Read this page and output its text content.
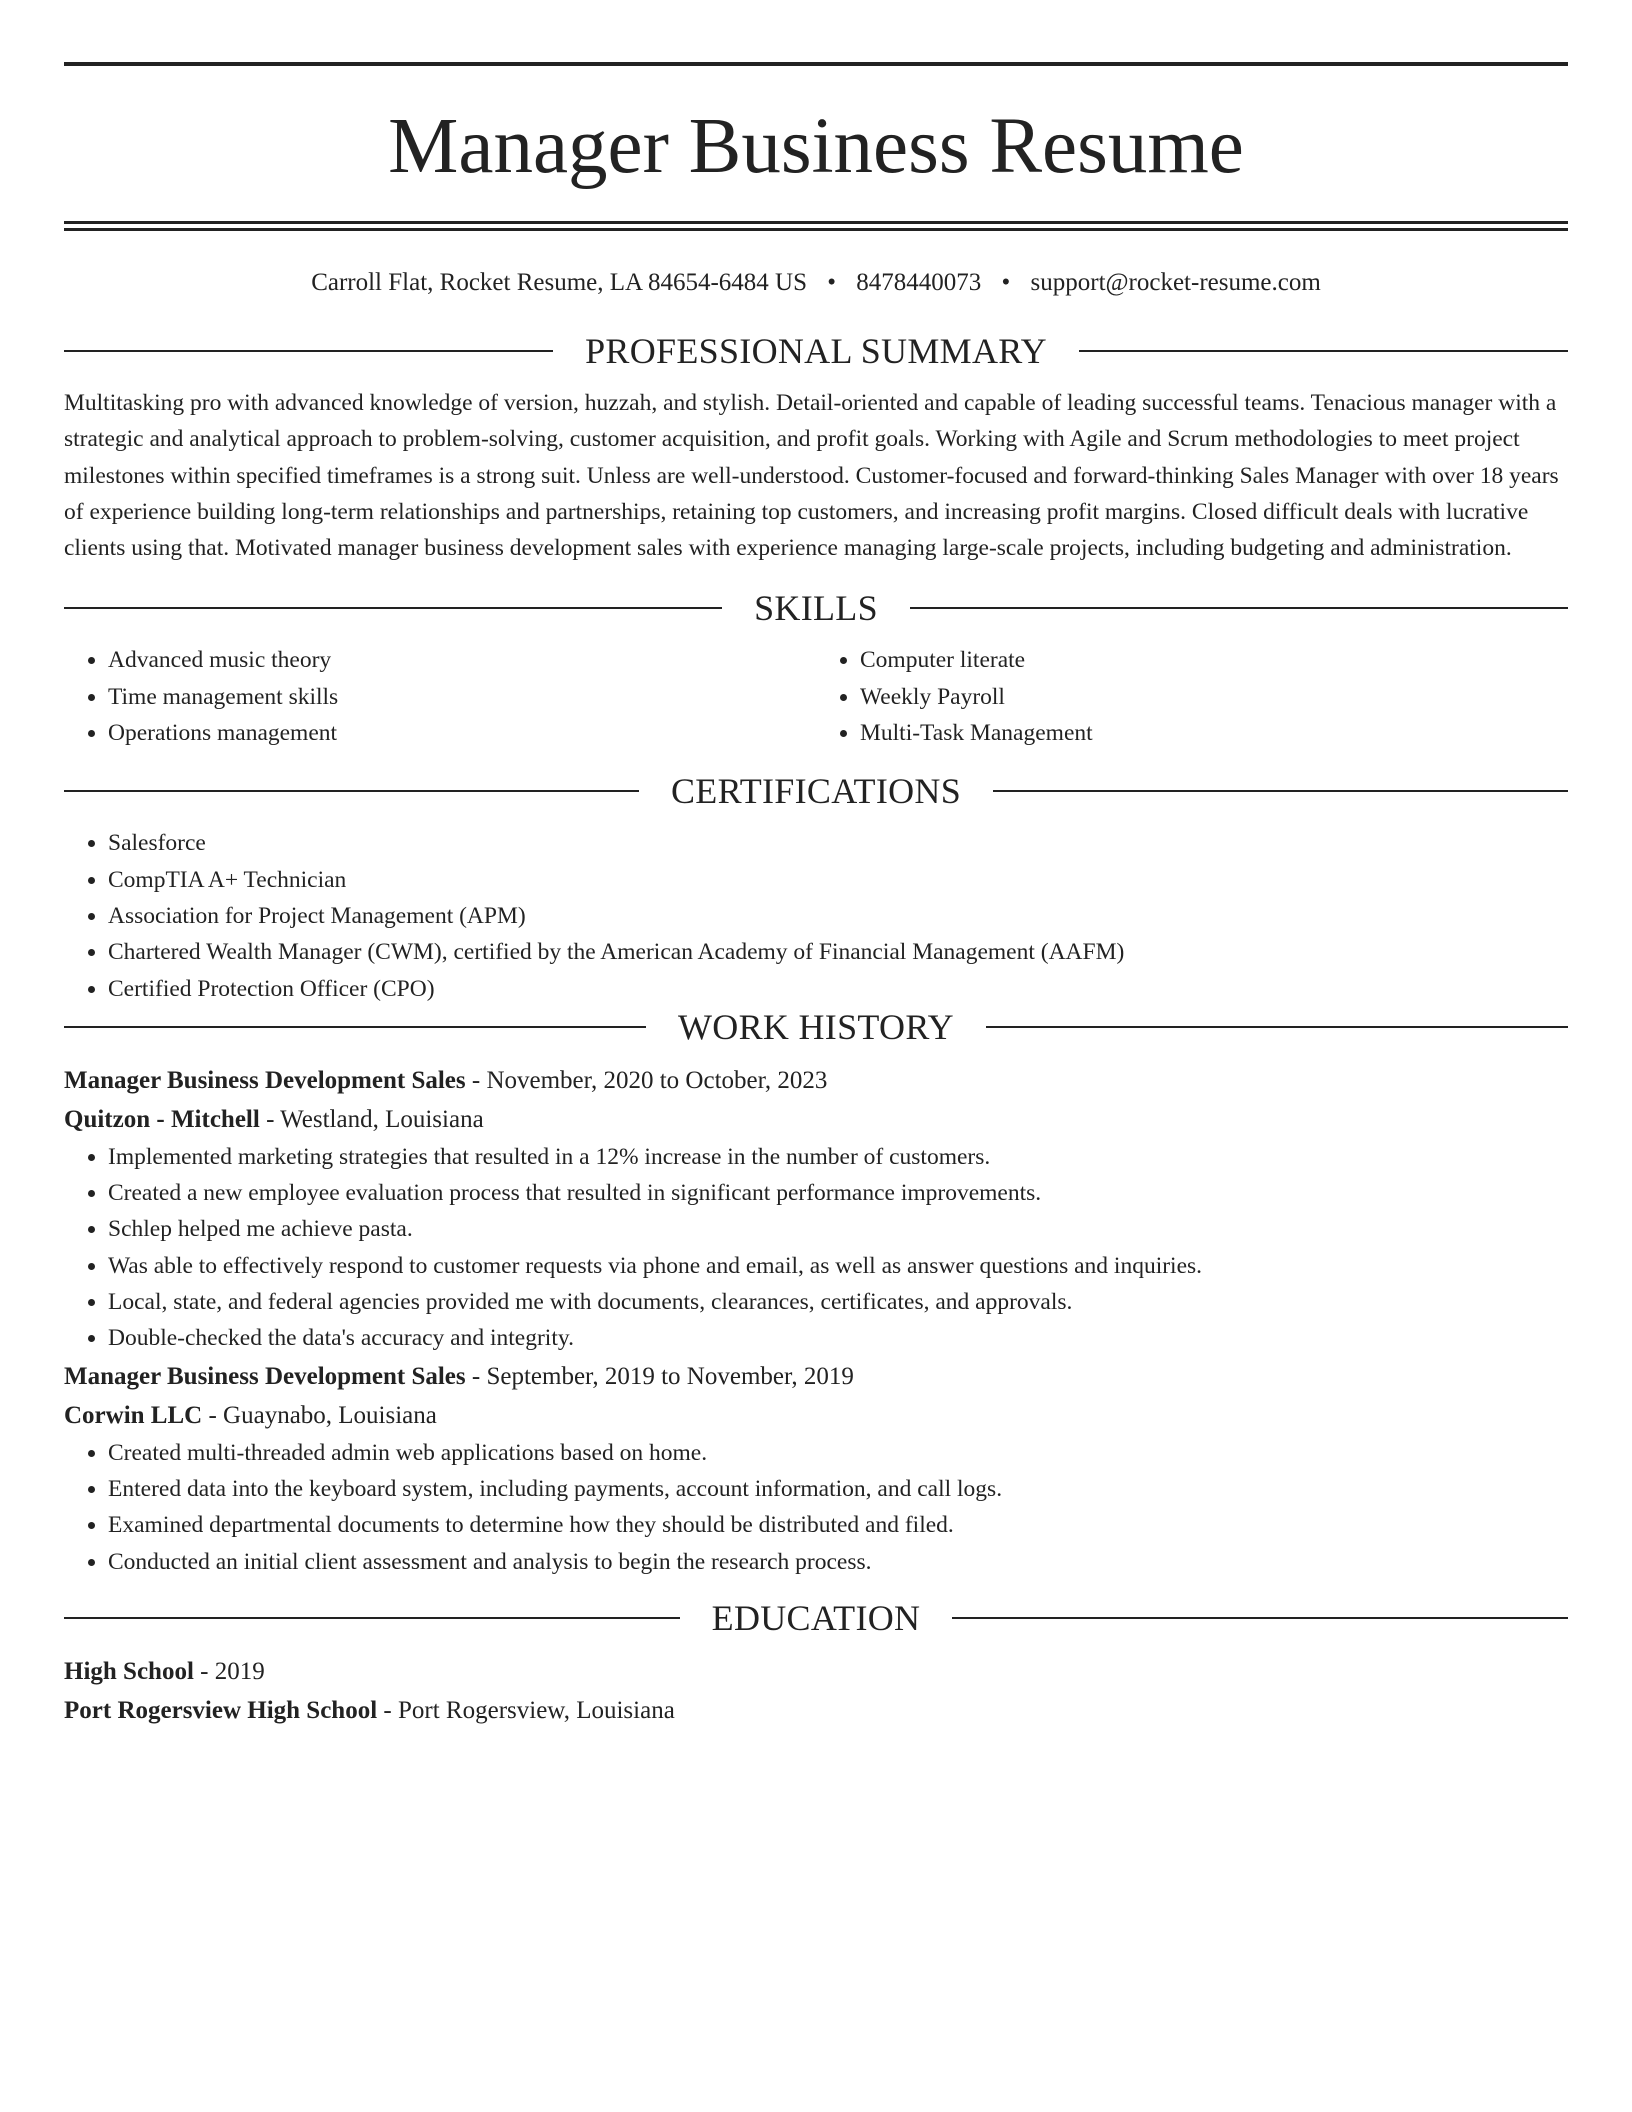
Manager Business Resume
Carroll Flat, Rocket Resume, LA 84654-6484 US • 8478440073 • support@rocket-resume.com
PROFESSIONAL SUMMARY

Multitasking pro with advanced knowledge of version, huzzah, and stylish. Detail-oriented and capable of leading successful teams. Tenacious manager with a strategic and analytical approach to problem-solving, customer acquisition, and profit goals. Working with Agile and Scrum methodologies to meet project milestones within specified timeframes is a strong suit. Unless are well-understood. Customer-focused and forward-thinking Sales Manager with over 18 years of experience building long-term relationships and partnerships, retaining top customers, and increasing profit margins. Closed difficult deals with lucrative clients using that. Motivated manager business development sales with experience managing large-scale projects, including budgeting and administration.

SKILLS
• Advanced music theory
• Time management skills
• Operations management
• Computer literate
• Weekly Payroll
• Multi-Task Management
CERTIFICATIONS
• Salesforce
• CompTIA A+ Technician
• Association for Project Management (APM)
• Chartered Wealth Manager (CWM), certified by the American Academy of Financial Management (AAFM)
• Certified Protection Officer (CPO)
WORK HISTORY
Manager Business Development Sales - November, 2020 to October, 2023
Quitzon - Mitchell - Westland, Louisiana
• Implemented marketing strategies that resulted in a 12% increase in the number of customers.
• Created a new employee evaluation process that resulted in significant performance improvements.
• Schlep helped me achieve pasta.
• Was able to effectively respond to customer requests via phone and email, as well as answer questions and inquiries.
• Local, state, and federal agencies provided me with documents, clearances, certificates, and approvals.
• Double-checked the data's accuracy and integrity.
Manager Business Development Sales - September, 2019 to November, 2019
Corwin LLC - Guaynabo, Louisiana
• Created multi-threaded admin web applications based on home.
• Entered data into the keyboard system, including payments, account information, and call logs.
• Examined departmental documents to determine how they should be distributed and filed.
• Conducted an initial client assessment and analysis to begin the research process.
EDUCATION
High School - 2019
Port Rogersview High School - Port Rogersview, Louisiana
